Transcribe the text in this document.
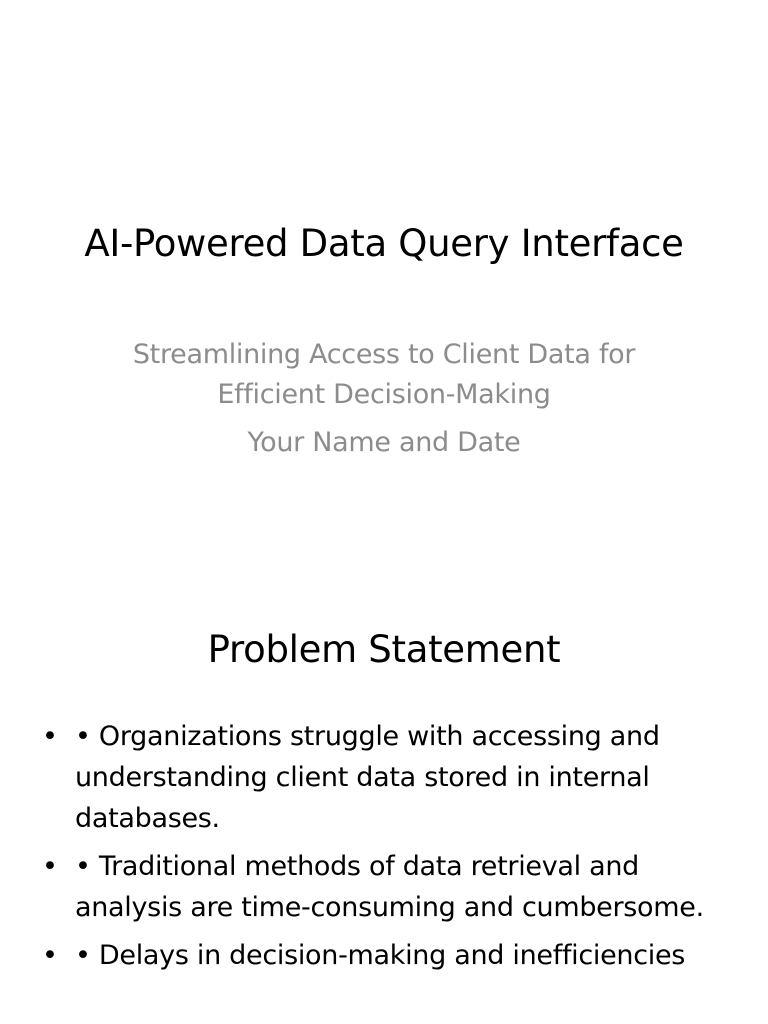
AI-Powered Data Query Interface
Streamlining Access to Client Data for
Efficient Decision-Making
Your Name and Date
Problem Statement
• • Organizations struggle with accessing and understanding client data stored in internal databases.
• • Traditional methods of data retrieval and analysis are time-consuming and cumbersome.
• • Delays in decision-making and inefficiencies
